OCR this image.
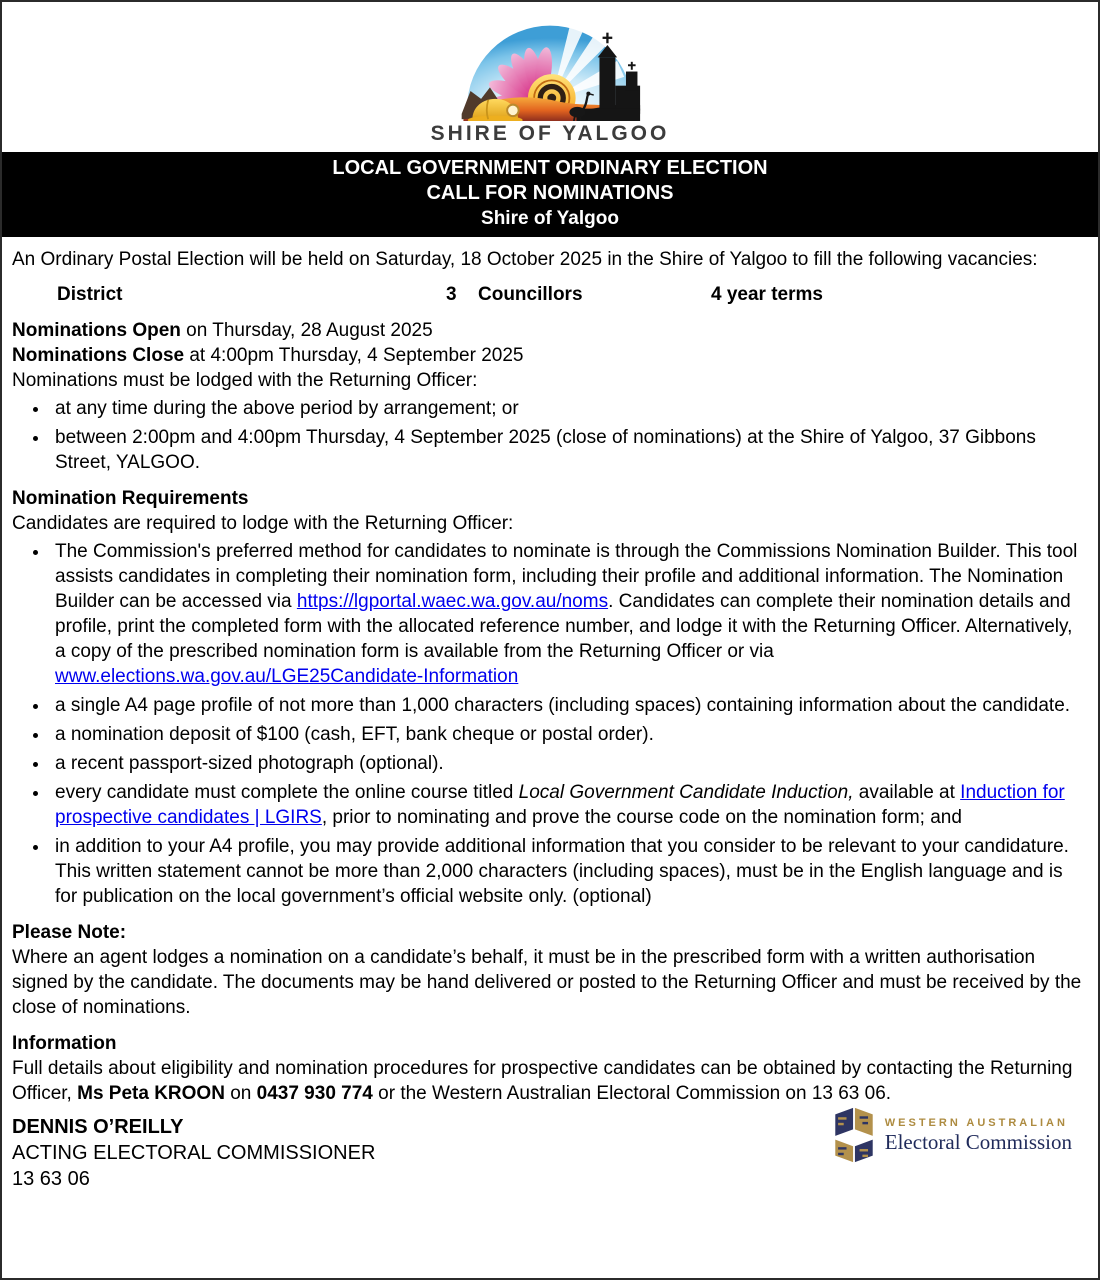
SHIRE OF YALGOO
LOCAL GOVERNMENT ORDINARY ELECTION
CALL FOR NOMINATIONS
Shire of Yalgoo

An Ordinary Postal Election will be held on Saturday, 18 October 2025 in the Shire of Yalgoo to fill the following vacancies:

District	3 Councillors	4 year terms

Nominations Open on Thursday, 28 August 2025

Nominations Close at 4:00pm Thursday, 4 September 2025

Nominations must be lodged with the Returning Officer:

• at any time during the above period by arrangement; or
• between 2:00pm and 4:00pm Thursday, 4 September 2025 (close of nominations) at the Shire of Yalgoo, 37 Gibbons Street, YALGOO.

Nomination Requirements

Candidates are required to lodge with the Returning Officer:

• The Commission's preferred method for candidates to nominate is through the Commissions Nomination Builder. This tool assists candidates in completing their nomination form, including their profile and additional information. The Nomination Builder can be accessed via https://lgportal.waec.wa.gov.au/noms. Candidates can complete their nomination details and profile, print the completed form with the allocated reference number, and lodge it with the Returning Officer. Alternatively, a copy of the prescribed nomination form is available from the Returning Officer or via www.elections.wa.gov.au/LGE25Candidate-Information
• a single A4 page profile of not more than 1,000 characters (including spaces) containing information about the candidate.
• a nomination deposit of $100 (cash, EFT, bank cheque or postal order).
• a recent passport-sized photograph (optional).
• every candidate must complete the online course titled Local Government Candidate Induction, available at Induction for prospective candidates | LGIRS, prior to nominating and prove the course code on the nomination form; and
• in addition to your A4 profile, you may provide additional information that you consider to be relevant to your candidature. This written statement cannot be more than 2,000 characters (including spaces), must be in the English language and is for publication on the local government’s official website only. (optional)

Please Note:

Where an agent lodges a nomination on a candidate’s behalf, it must be in the prescribed form with a written authorisation signed by the candidate. The documents may be hand delivered or posted to the Returning Officer and must be received by the close of nominations.

Information

Full details about eligibility and nomination procedures for prospective candidates can be obtained by contacting the Returning Officer, Ms Peta KROON on 0437 930 774 or the Western Australian Electoral Commission on 13 63 06.

DENNIS O’REILLY
ACTING ELECTORAL COMMISSIONER
13 63 06
WESTERN AUSTRALIAN
Electoral Commission
